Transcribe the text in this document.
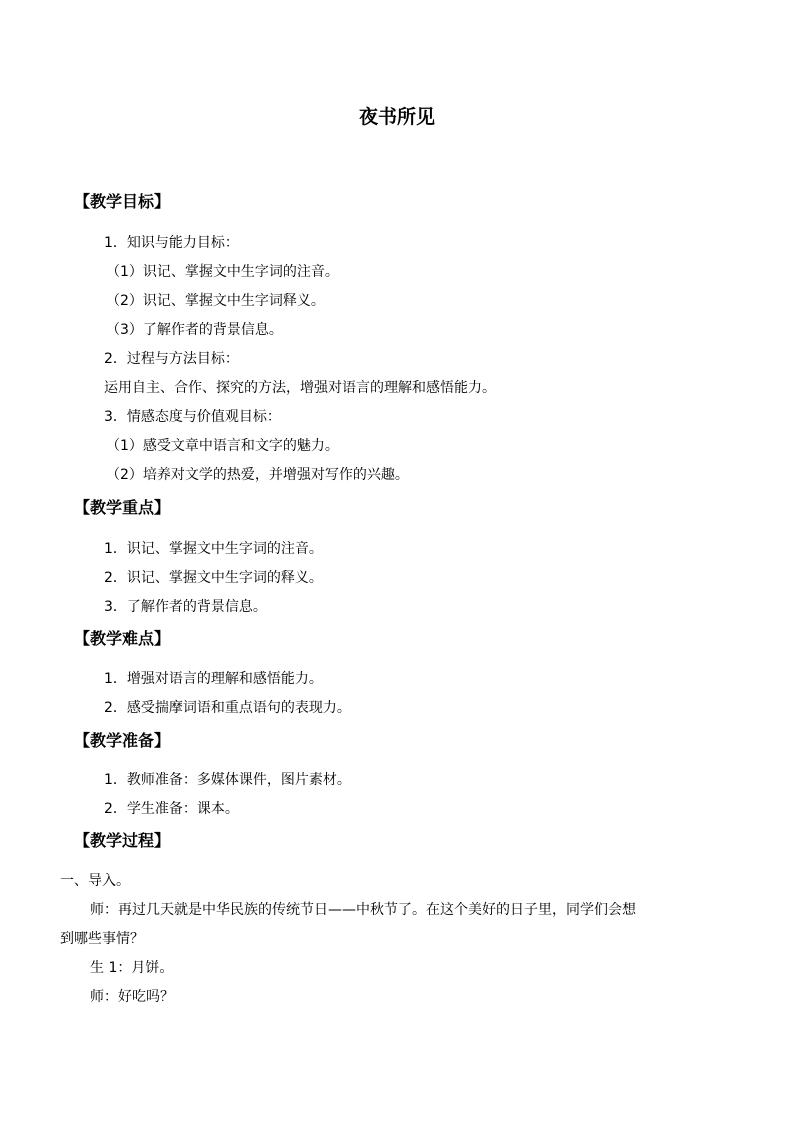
夜书所见
【教学目标】
1．知识与能力目标：
（1）识记、掌握文中生字词的注音。
（2）识记、掌握文中生字词释义。
（3）了解作者的背景信息。
2．过程与方法目标：
运用自主、合作、探究的方法，增强对语言的理解和感悟能力。
3．情感态度与价值观目标：
（1）感受文章中语言和文字的魅力。
（2）培养对文学的热爱，并增强对写作的兴趣。
【教学重点】
1．识记、掌握文中生字词的注音。
2．识记、掌握文中生字词的释义。
3．了解作者的背景信息。
【教学难点】
1．增强对语言的理解和感悟能力。
2．感受揣摩词语和重点语句的表现力。
【教学准备】
1．教师准备：多媒体课件，图片素材。
2．学生准备：课本。
【教学过程】
一、导入。
师：再过几天就是中华民族的传统节日——中秋节了。在这个美好的日子里，同学们会想
到哪些事情？
生 1：月饼。
师：好吃吗？
